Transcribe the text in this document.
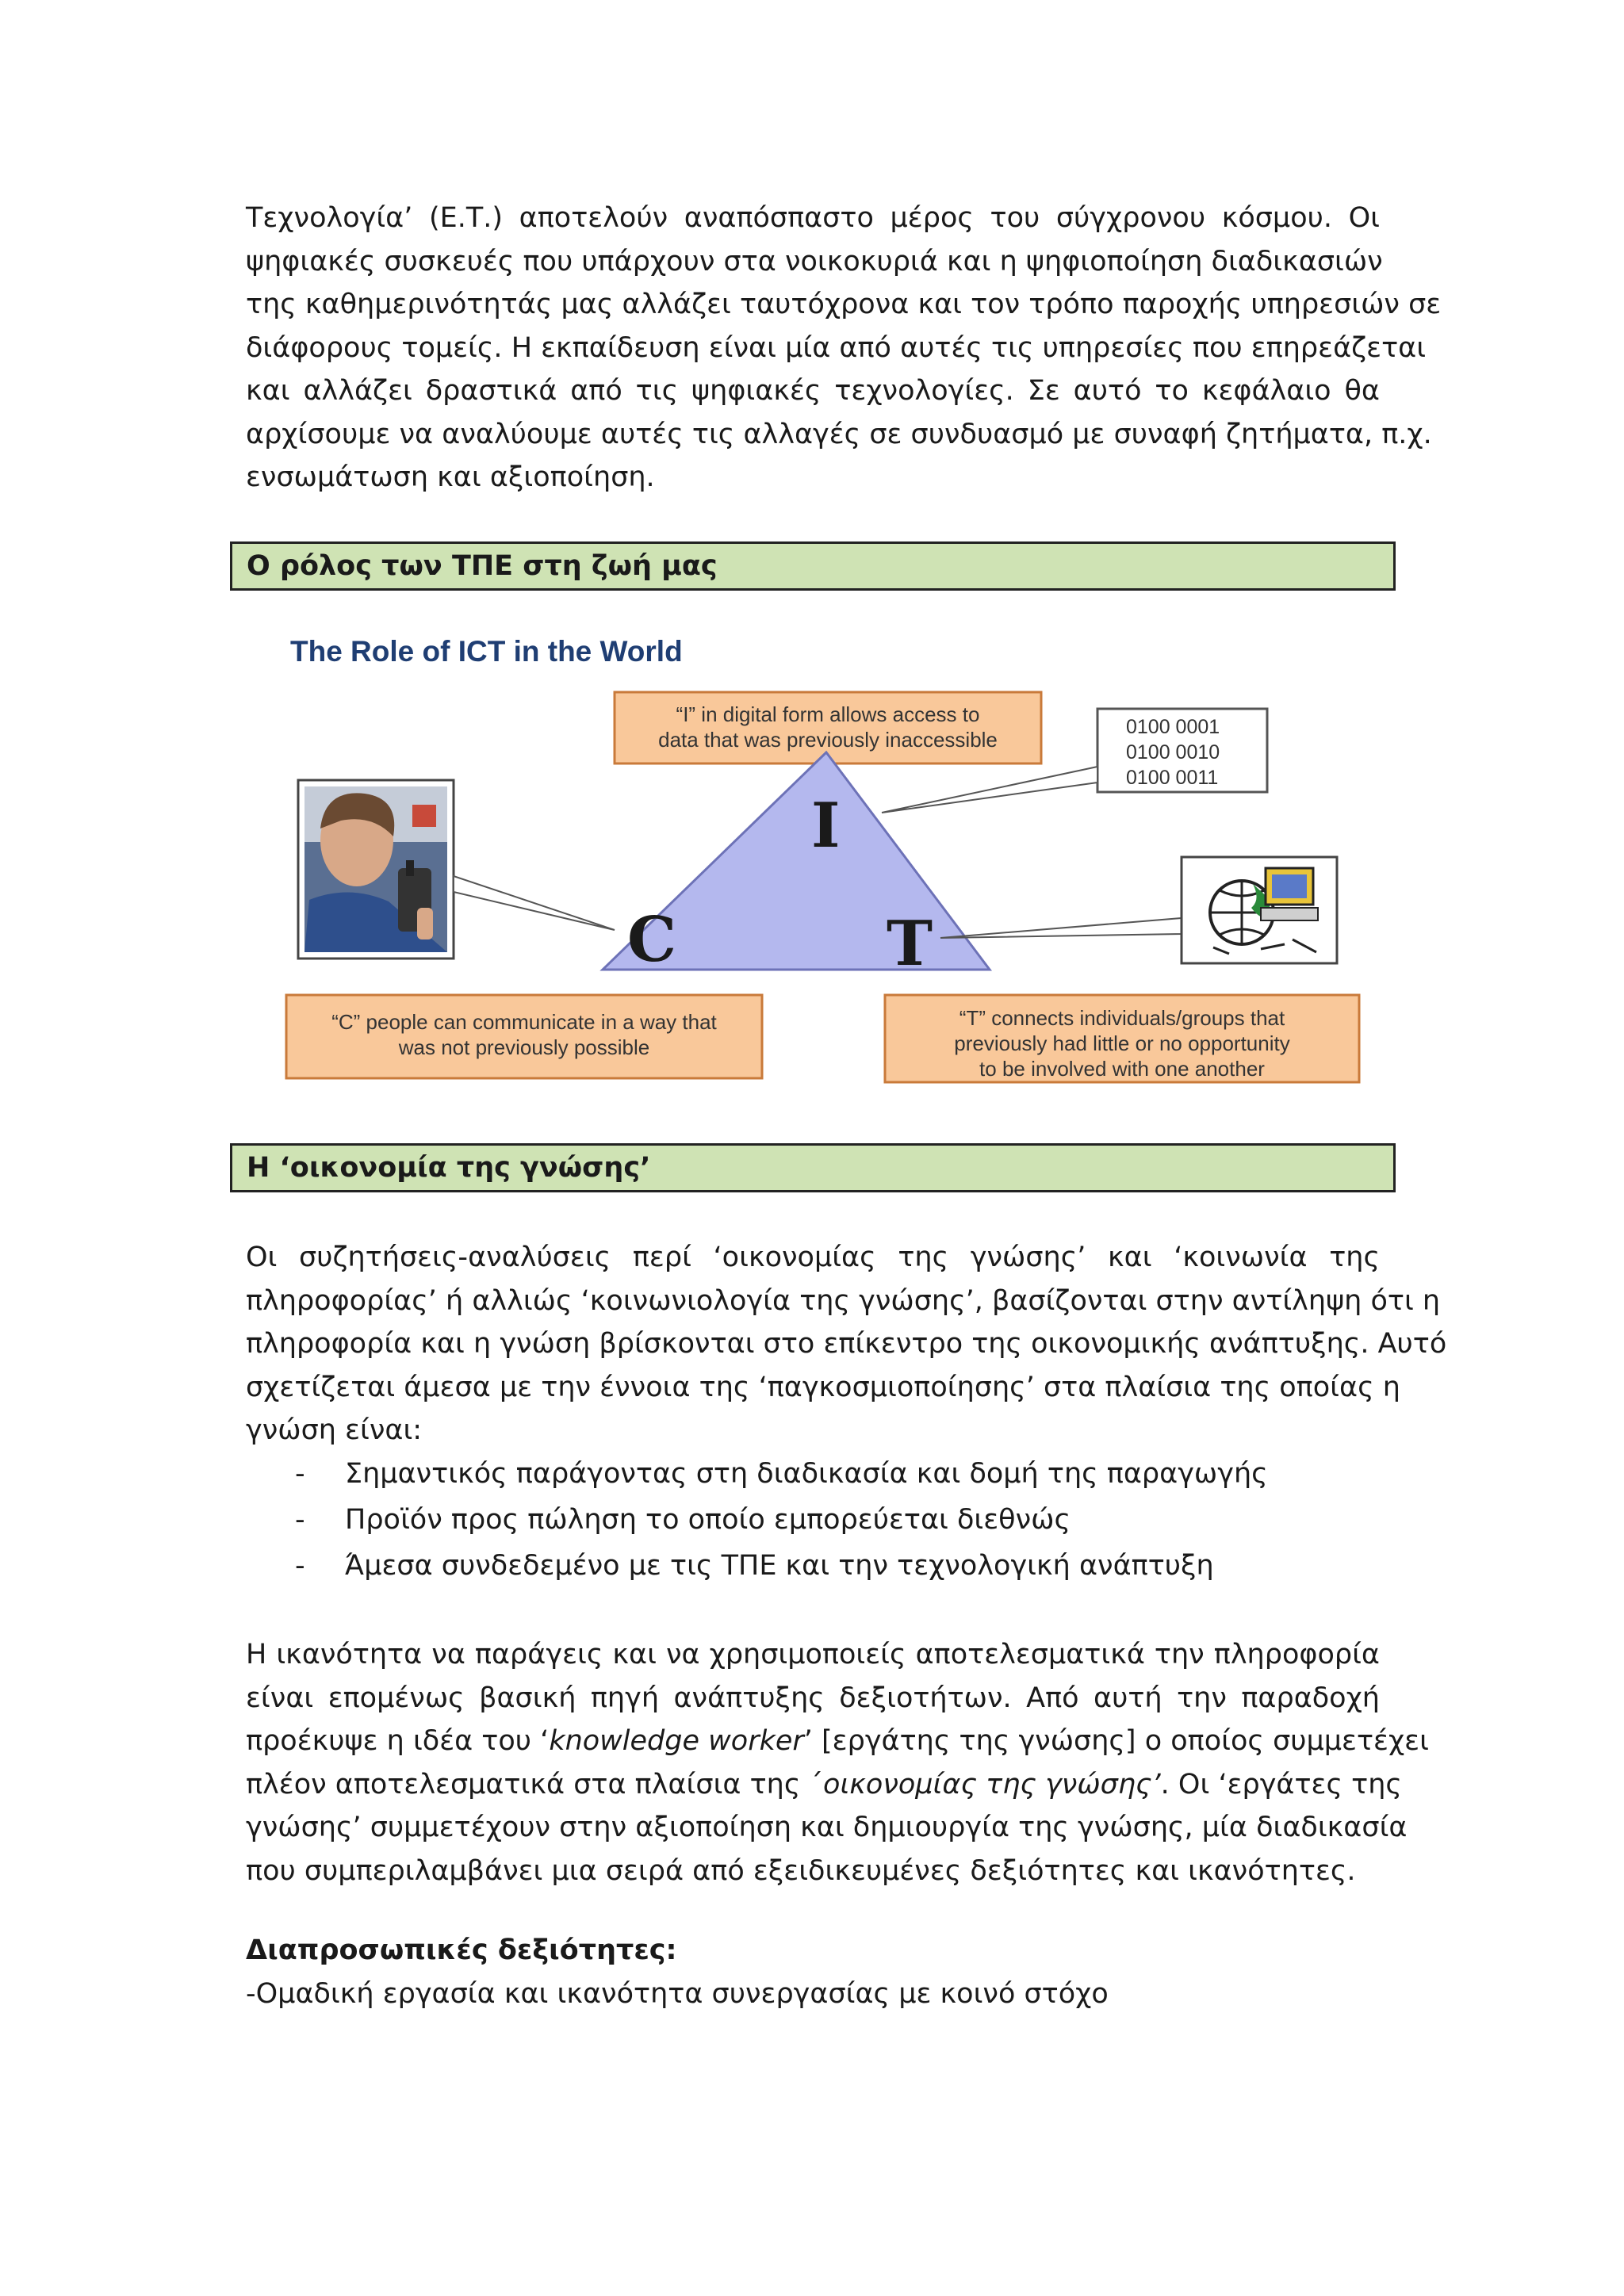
Τεχνολογία’ (Ε.Τ.) αποτελούν αναπόσπαστο μέρος του σύγχρονου κόσμου. Οι
ψηφιακές συσκευές που υπάρχουν στα νοικοκυριά και η ψηφιοποίηση διαδικασιών
της καθημερινότητάς μας αλλάζει ταυτόχρονα και τον τρόπο παροχής υπηρεσιών σε
διάφορους τομείς. Η εκπαίδευση είναι μία από αυτές τις υπηρεσίες που επηρεάζεται
και αλλάζει δραστικά από τις ψηφιακές τεχνολογίες. Σε αυτό το κεφάλαιο θα
αρχίσουμε να αναλύουμε αυτές τις αλλαγές σε συνδυασμό με συναφή ζητήματα, π.χ.
ενσωμάτωση και αξιοποίηση.
Ο ρόλος των ΤΠΕ στη ζωή μας
The Role of ICT in the World
“I” in digital form allows access to
data that was previously inaccessible
0100 0001
0100 0010
0100 0011
I
C	T
“C” people can communicate in a way that
was not previously possible
“T” connects individuals/groups that
previously had little or no opportunity
to be involved with one another
Η ‘οικονομία της γνώσης’
Οι συζητήσεις-αναλύσεις περί ‘οικονομίας της γνώσης’ και ‘κοινωνία της
πληροφορίας’ ή αλλιώς ‘κοινωνιολογία της γνώσης’, βασίζονται στην αντίληψη ότι η
πληροφορία και η γνώση βρίσκονται στο επίκεντρο της οικονομικής ανάπτυξης. Αυτό
σχετίζεται άμεσα με την έννοια της ‘παγκοσμιοποίησης’ στα πλαίσια της οποίας η
γνώση είναι:
- Σημαντικός παράγοντας στη διαδικασία και δομή της παραγωγής
- Προϊόν προς πώληση το οποίο εμπορεύεται διεθνώς
- Άμεσα συνδεδεμένο με τις ΤΠΕ και την τεχνολογική ανάπτυξη
Η ικανότητα να παράγεις και να χρησιμοποιείς αποτελεσματικά την πληροφορία
είναι επομένως βασική πηγή ανάπτυξης δεξιοτήτων. Από αυτή την παραδοχή
προέκυψε η ιδέα του ‘knowledge worker’ [εργάτης της γνώσης] ο οποίος συμμετέχει
πλέον αποτελεσματικά στα πλαίσια της ΄οικονομίας της γνώσης’. Οι ‘εργάτες της
γνώσης’ συμμετέχουν στην αξιοποίηση και δημιουργία της γνώσης, μία διαδικασία
που συμπεριλαμβάνει μια σειρά από εξειδικευμένες δεξιότητες και ικανότητες.
Διαπροσωπικές δεξιότητες:
-Ομαδική εργασία και ικανότητα συνεργασίας με κοινό στόχο
